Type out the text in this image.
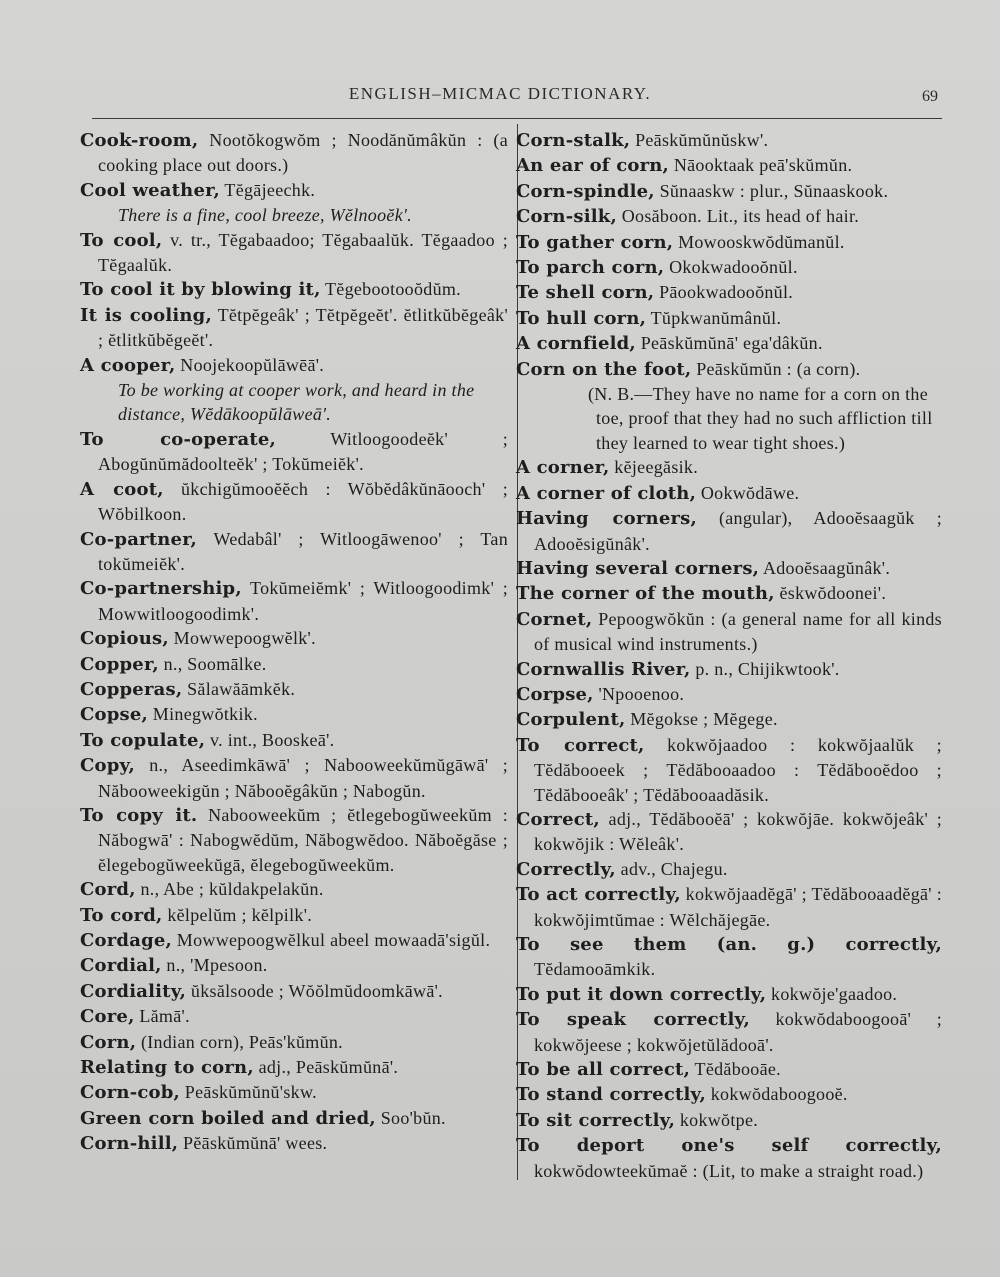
ENGLISH–MICMAC DICTIONARY.	69

Cook-room, Nootŏkogwŏm ; Noodănŭmâkŭn : (a cooking place out doors.)

Cool weather, Tĕgājeechk.

There is a fine, cool breeze, Wĕlnooĕk'.

To cool, v. tr., Tĕgabaadoo; Tĕgabaalŭk. Tĕgaadoo ; Tĕgaalŭk.

To cool it by blowing it, Tĕgebootooŏdŭm.

It is cooling, Tĕtpĕgeâk' ; Tĕtpĕgeĕt'. ĕtlitkŭbĕgeâk' ; ĕtlitkŭbĕgeĕt'.

A cooper, Noojekoopŭlāwēā'.

To be working at cooper work, and heard in the distance, Wĕdākoopŭlāweā'.

To co-operate, Witloogoodeĕk' ; Abogŭnŭmădoolteĕk' ; Tokŭmeiĕk'.

A coot, ŭkchigŭmooĕĕch : Wŏbĕdâkŭnāooch' ; Wŏbilkoon.

Co-partner, Wedabâl' ; Witloogāwenoo' ; Tan tokŭmeiĕk'.

Co-partnership, Tokŭmeiĕmk' ; Witloogoodimk' ; Mowwitloogoodimk'.

Copious, Mowwepoogwĕlk'.

Copper, n., Soomālke.

Copperas, Sălawăāmkĕk.

Copse, Minegwŏtkik.

To copulate, v. int., Booskeā'.

Copy, n., Aseedimkāwā' ; Nabooweekŭmŭgāwā' ; Năbooweekigŭn ; Năbooĕgâkŭn ; Nabogŭn.

To copy it. Nabooweekŭm ; ĕtlegebogŭweekŭm : Năbogwā' : Nabogwĕdŭm, Năbogwĕdoo. Năboĕgăse ; ĕlegebogŭweekŭgā, ĕlegebogŭweekŭm.

Cord, n., Abe ; kŭldakpelakŭn.

To cord, kĕlpelŭm ; kĕlpilk'.

Cordage, Mowwepoogwĕlkul abeel mowaadā'sigŭl.

Cordial, n., 'Mpesoon.

Cordiality, ŭksălsoode ; Wŏŏlmŭdoomkāwā'.

Core, Lămā'.

Corn, (Indian corn), Peās'kŭmŭn.

Relating to corn, adj., Peāskŭmŭnā'.

Corn-cob, Peāskŭmŭnŭ'skw.

Green corn boiled and dried, Soo'bŭn.

Corn-hill, Pĕāskŭmŭnā' wees.

Corn-stalk, Peāskŭmŭnŭskw'.

An ear of corn, Nāooktaak peā'skŭmŭn.

Corn-spindle, Sŭnaaskw : plur., Sŭnaaskook.

Corn-silk, Oosăboon. Lit., its head of hair.

To gather corn, Mowooskwŏdŭmanŭl.

To parch corn, Okokwadooŏnŭl.

Te shell corn, Pāookwadooŏnŭl.

To hull corn, Tŭpkwanŭmânŭl.

A cornfield, Peāskŭmŭnā' ega'dâkŭn.

Corn on the foot, Peāskŭmŭn : (a corn).

(N. B.—They have no name for a corn on the toe, proof that they had no such affliction till they learned to wear tight shoes.)

A corner, kĕjeegăsik.

A corner of cloth, Ookwŏdāwe.

Having corners, (angular), Adooĕsaagŭk ; Adooĕsigŭnâk'.

Having several corners, Adooĕsaagŭnâk'.

The corner of the mouth, ĕskwŏdoonei'.

Cornet, Pepoogwŏkŭn : (a general name for all kinds of musical wind instruments.)

Cornwallis River, p. n., Chijikwtook'.

Corpse, 'Npooenoo.

Corpulent, Mĕgokse ; Mĕgege.

To correct, kokwŏjaadoo : kokwŏjaalŭk ; Tĕdăbooeek ; Tĕdăbooaadoo : Tĕdăbooĕdoo ; Tĕdăbooeâk' ; Tĕdăbooaadăsik.

Correct, adj., Tĕdăbooĕā' ; kokwŏjāe. kokwŏjeâk' ; kokwŏjik : Wĕleâk'.

Correctly, adv., Chajegu.

To act correctly, kokwŏjaadĕgā' ; Tĕdăbooaadĕgā' : kokwŏjimtŭmae : Wĕlchăjegāe.

To see them (an. g.) correctly, Tĕdamooāmkik.

To put it down correctly, kokwŏje'gaadoo.

To speak correctly, kokwŏdaboogooā' ; kokwŏjeese ; kokwŏjetŭlădooā'.

To be all correct, Tĕdăbooāe.

To stand correctly, kokwŏdaboogooĕ.

To sit correctly, kokwŏtpe.

To deport one's self correctly, kokwŏdowteekŭmaĕ : (Lit, to make a straight road.)
